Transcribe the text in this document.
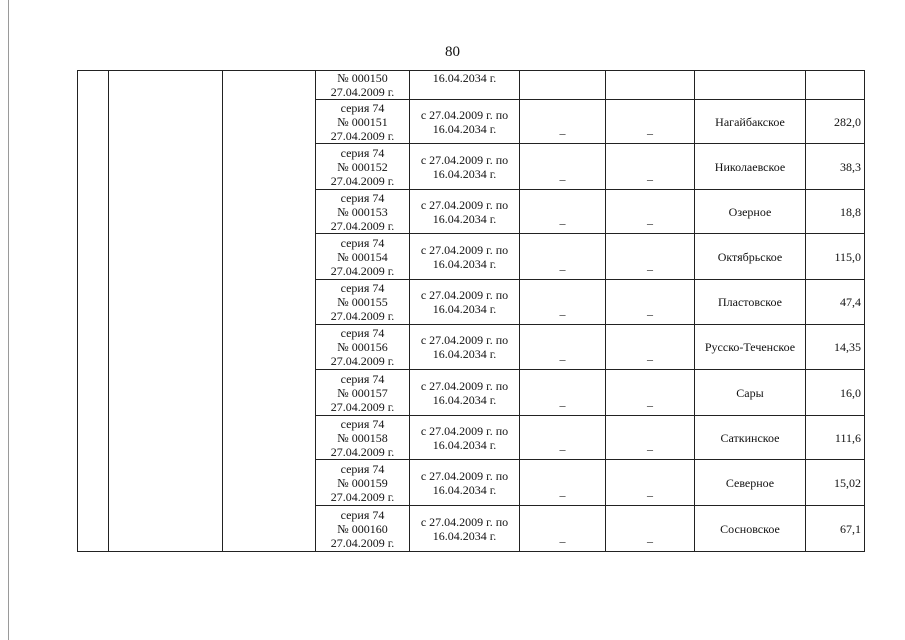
80

			№ 000150
27.04.2009 г.	16.04.2034 г.				

			серия 74
№ 000151
27.04.2009 г.	с 27.04.2009 г. по
16.04.2034 г.	–	–	Нагайбакское	282,0

			серия 74
№ 000152
27.04.2009 г.	с 27.04.2009 г. по
16.04.2034 г.	–	–	Николаевское	38,3

			серия 74
№ 000153
27.04.2009 г.	с 27.04.2009 г. по
16.04.2034 г.	–	–	Озерное	18,8

			серия 74
№ 000154
27.04.2009 г.	с 27.04.2009 г. по
16.04.2034 г.	–	–	Октябрьское	115,0

			серия 74
№ 000155
27.04.2009 г.	с 27.04.2009 г. по
16.04.2034 г.	–	–	Пластовское	47,4

			серия 74
№ 000156
27.04.2009 г.	с 27.04.2009 г. по
16.04.2034 г.	–	–	Русско-Теченское	14,35

			серия 74
№ 000157
27.04.2009 г.	с 27.04.2009 г. по
16.04.2034 г.	–	–	Сары	16,0

			серия 74
№ 000158
27.04.2009 г.	с 27.04.2009 г. по
16.04.2034 г.	–	–	Саткинское	111,6

			серия 74
№ 000159
27.04.2009 г.	с 27.04.2009 г. по
16.04.2034 г.	–	–	Северное	15,02

			серия 74
№ 000160
27.04.2009 г.	с 27.04.2009 г. по
16.04.2034 г.	–	–	Сосновское	67,1
